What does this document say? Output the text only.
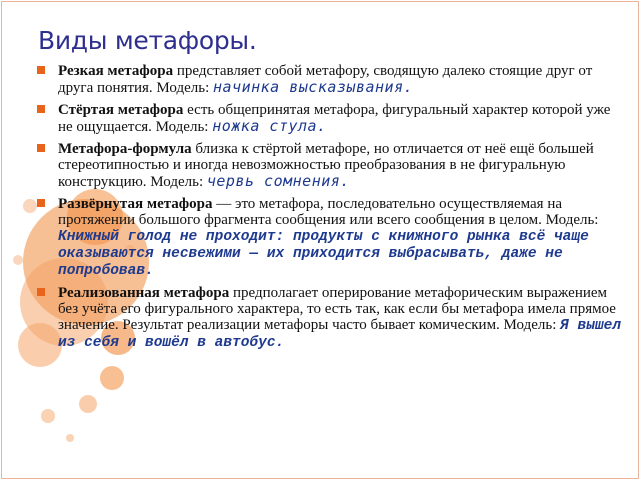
Виды метафоры.
Резкая метафора представляет собой метафору, сводящую далеко стоящие друг от друга понятия. Модель: начинка высказывания.
Стёртая метафора есть общепринятая метафора, фигуральный характер которой уже не ощущается. Модель: ножка стула.
Метафора-формула близка к стёртой метафоре, но отличается от неё ещё большей стереотипностью и иногда невозможностью преобразования в не фигуральную конструкцию. Модель: червь сомнения.
Развёрнутая метафора — это метафора, последовательно осуществляемая на протяжении большого фрагмента сообщения или всего сообщения в целом. Модель: Книжный голод не проходит: продукты с книжного рынка всё чаще оказываются несвежими — их приходится выбрасывать, даже не попробовав.
Реализованная метафора предполагает оперирование метафорическим выражением без учёта его фигурального характера, то есть так, как если бы метафора имела прямое значение. Результат реализации метафоры часто бывает комическим. Модель: Я вышел из себя и вошёл в автобус.
